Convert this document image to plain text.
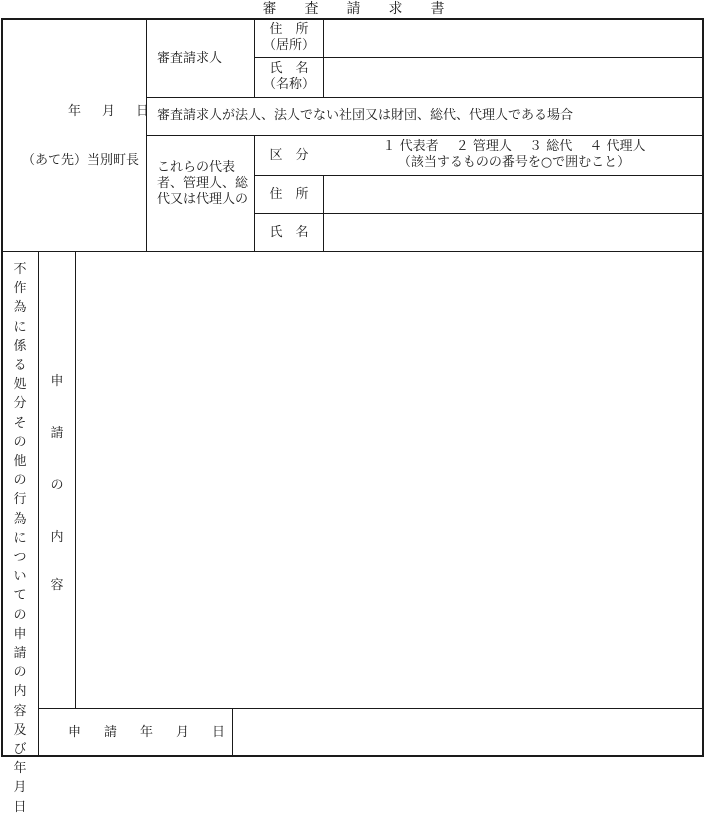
審 査 請 求 書
年　月　日
（あて先）当別町長
審査請求人
住　所
（居所）
氏　名
（名称）
審査請求人が法人、法人でない社団又は財団、総代、代理人である場合
これらの代表者、管理人、総代又は代理人の
区　分
１ 代表者　 ２ 管理人　 ３ 総代　 ４ 代理人
（該当するものの番号を○で囲むこと）
住　所
氏　名
不作為に係る処分その他の行為についての申請の内容及び年月日
申
請
の
内
容
申　請　年　月　日
